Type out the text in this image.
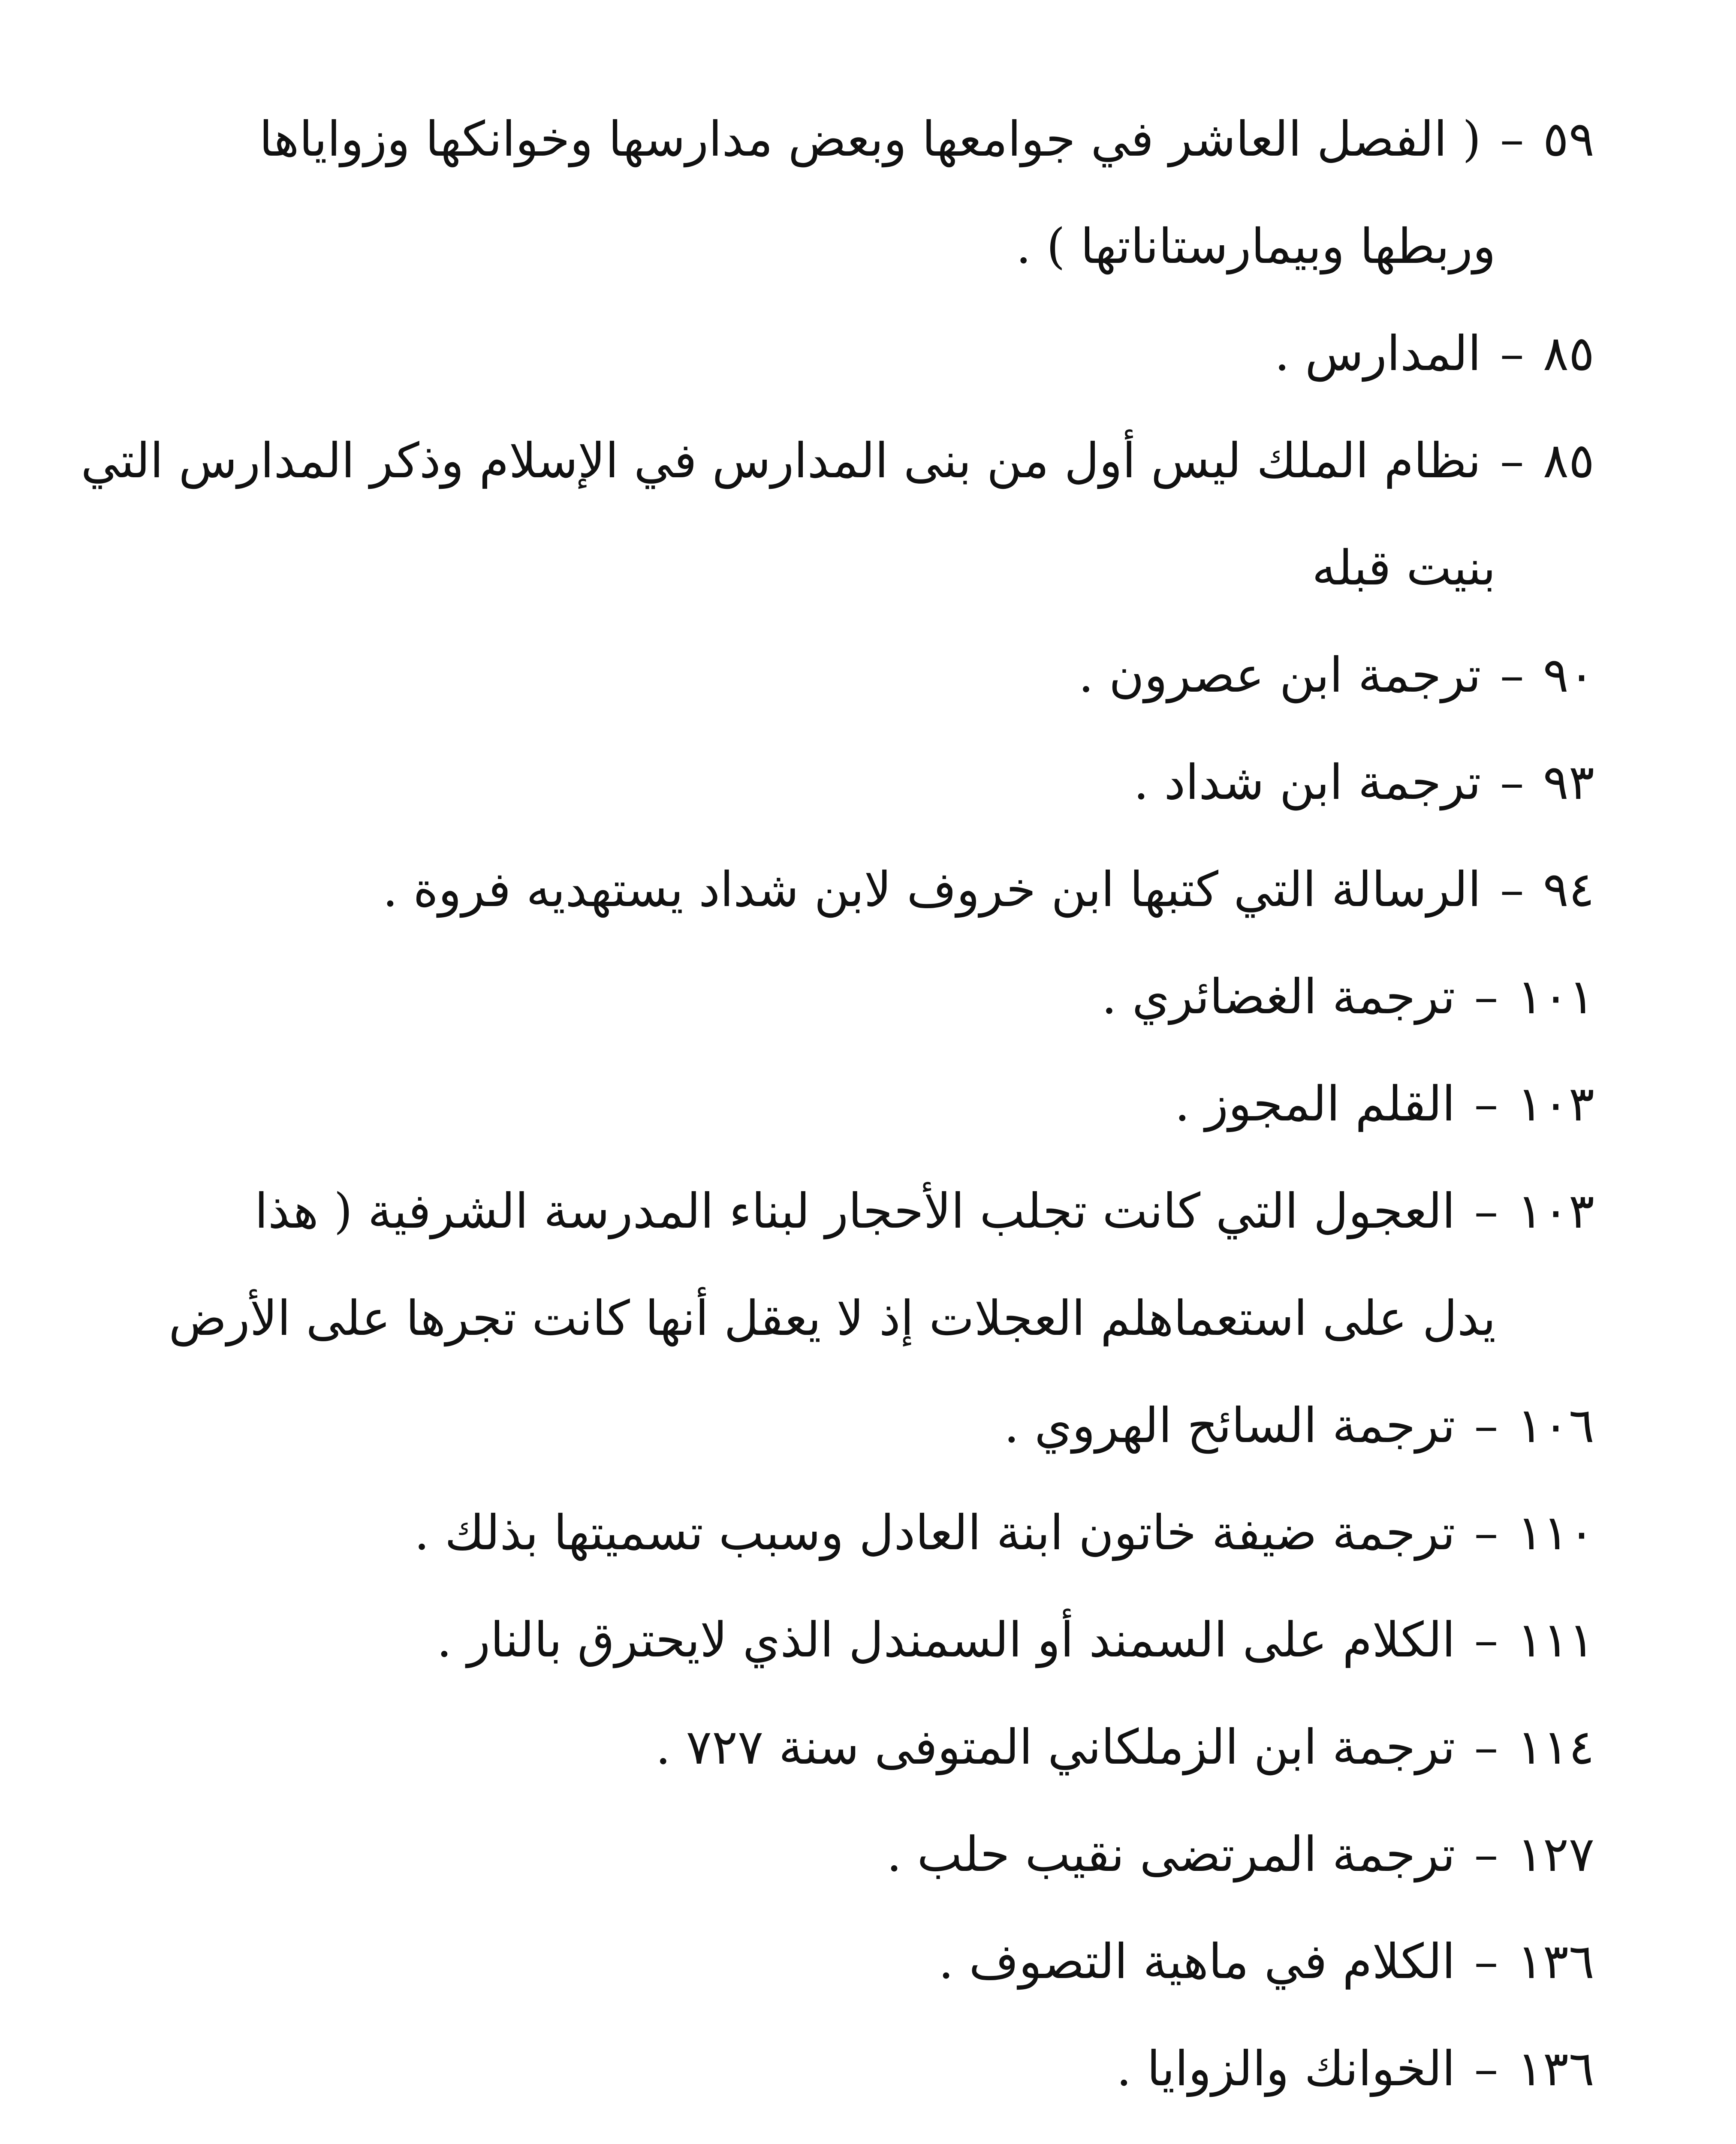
٥٩–( الفصل العاشر في جوامعها وبعض مدارسها وخوانكها وزواياها
وربطها وبيمارستاناتها ) .
٨٥–المدارس .
٨٥–نظام الملك ليس أول من بنى المدارس في الإسلام وذكر المدارس التي
بنيت قبله
٩٠–ترجمة ابن عصرون .
٩٣–ترجمة ابن شداد .
٩٤–الرسالة التي كتبها ابن خروف لابن شداد يستهديه فروة .
١٠١–ترجمة الغضائري .
١٠٣–القلم المجوز .
١٠٣–العجول التي كانت تجلب الأحجار لبناء المدرسة الشرفية ( هذا
يدل على استعماهلم العجلات إذ لا يعقل أنها كانت تجرها على الأرض
١٠٦–ترجمة السائح الهروي .
١١٠–ترجمة ضيفة خاتون ابنة العادل وسبب تسميتها بذلك .
١١١–الكلام على السمند أو السمندل الذي لايحترق بالنار .
١١٤–ترجمة ابن الزملكاني المتوفى سنة ٧٢٧ .
١٢٧–ترجمة المرتضى نقيب حلب .
١٣٦–الكلام في ماهية التصوف .
١٣٦–الخوانك والزوايا .
